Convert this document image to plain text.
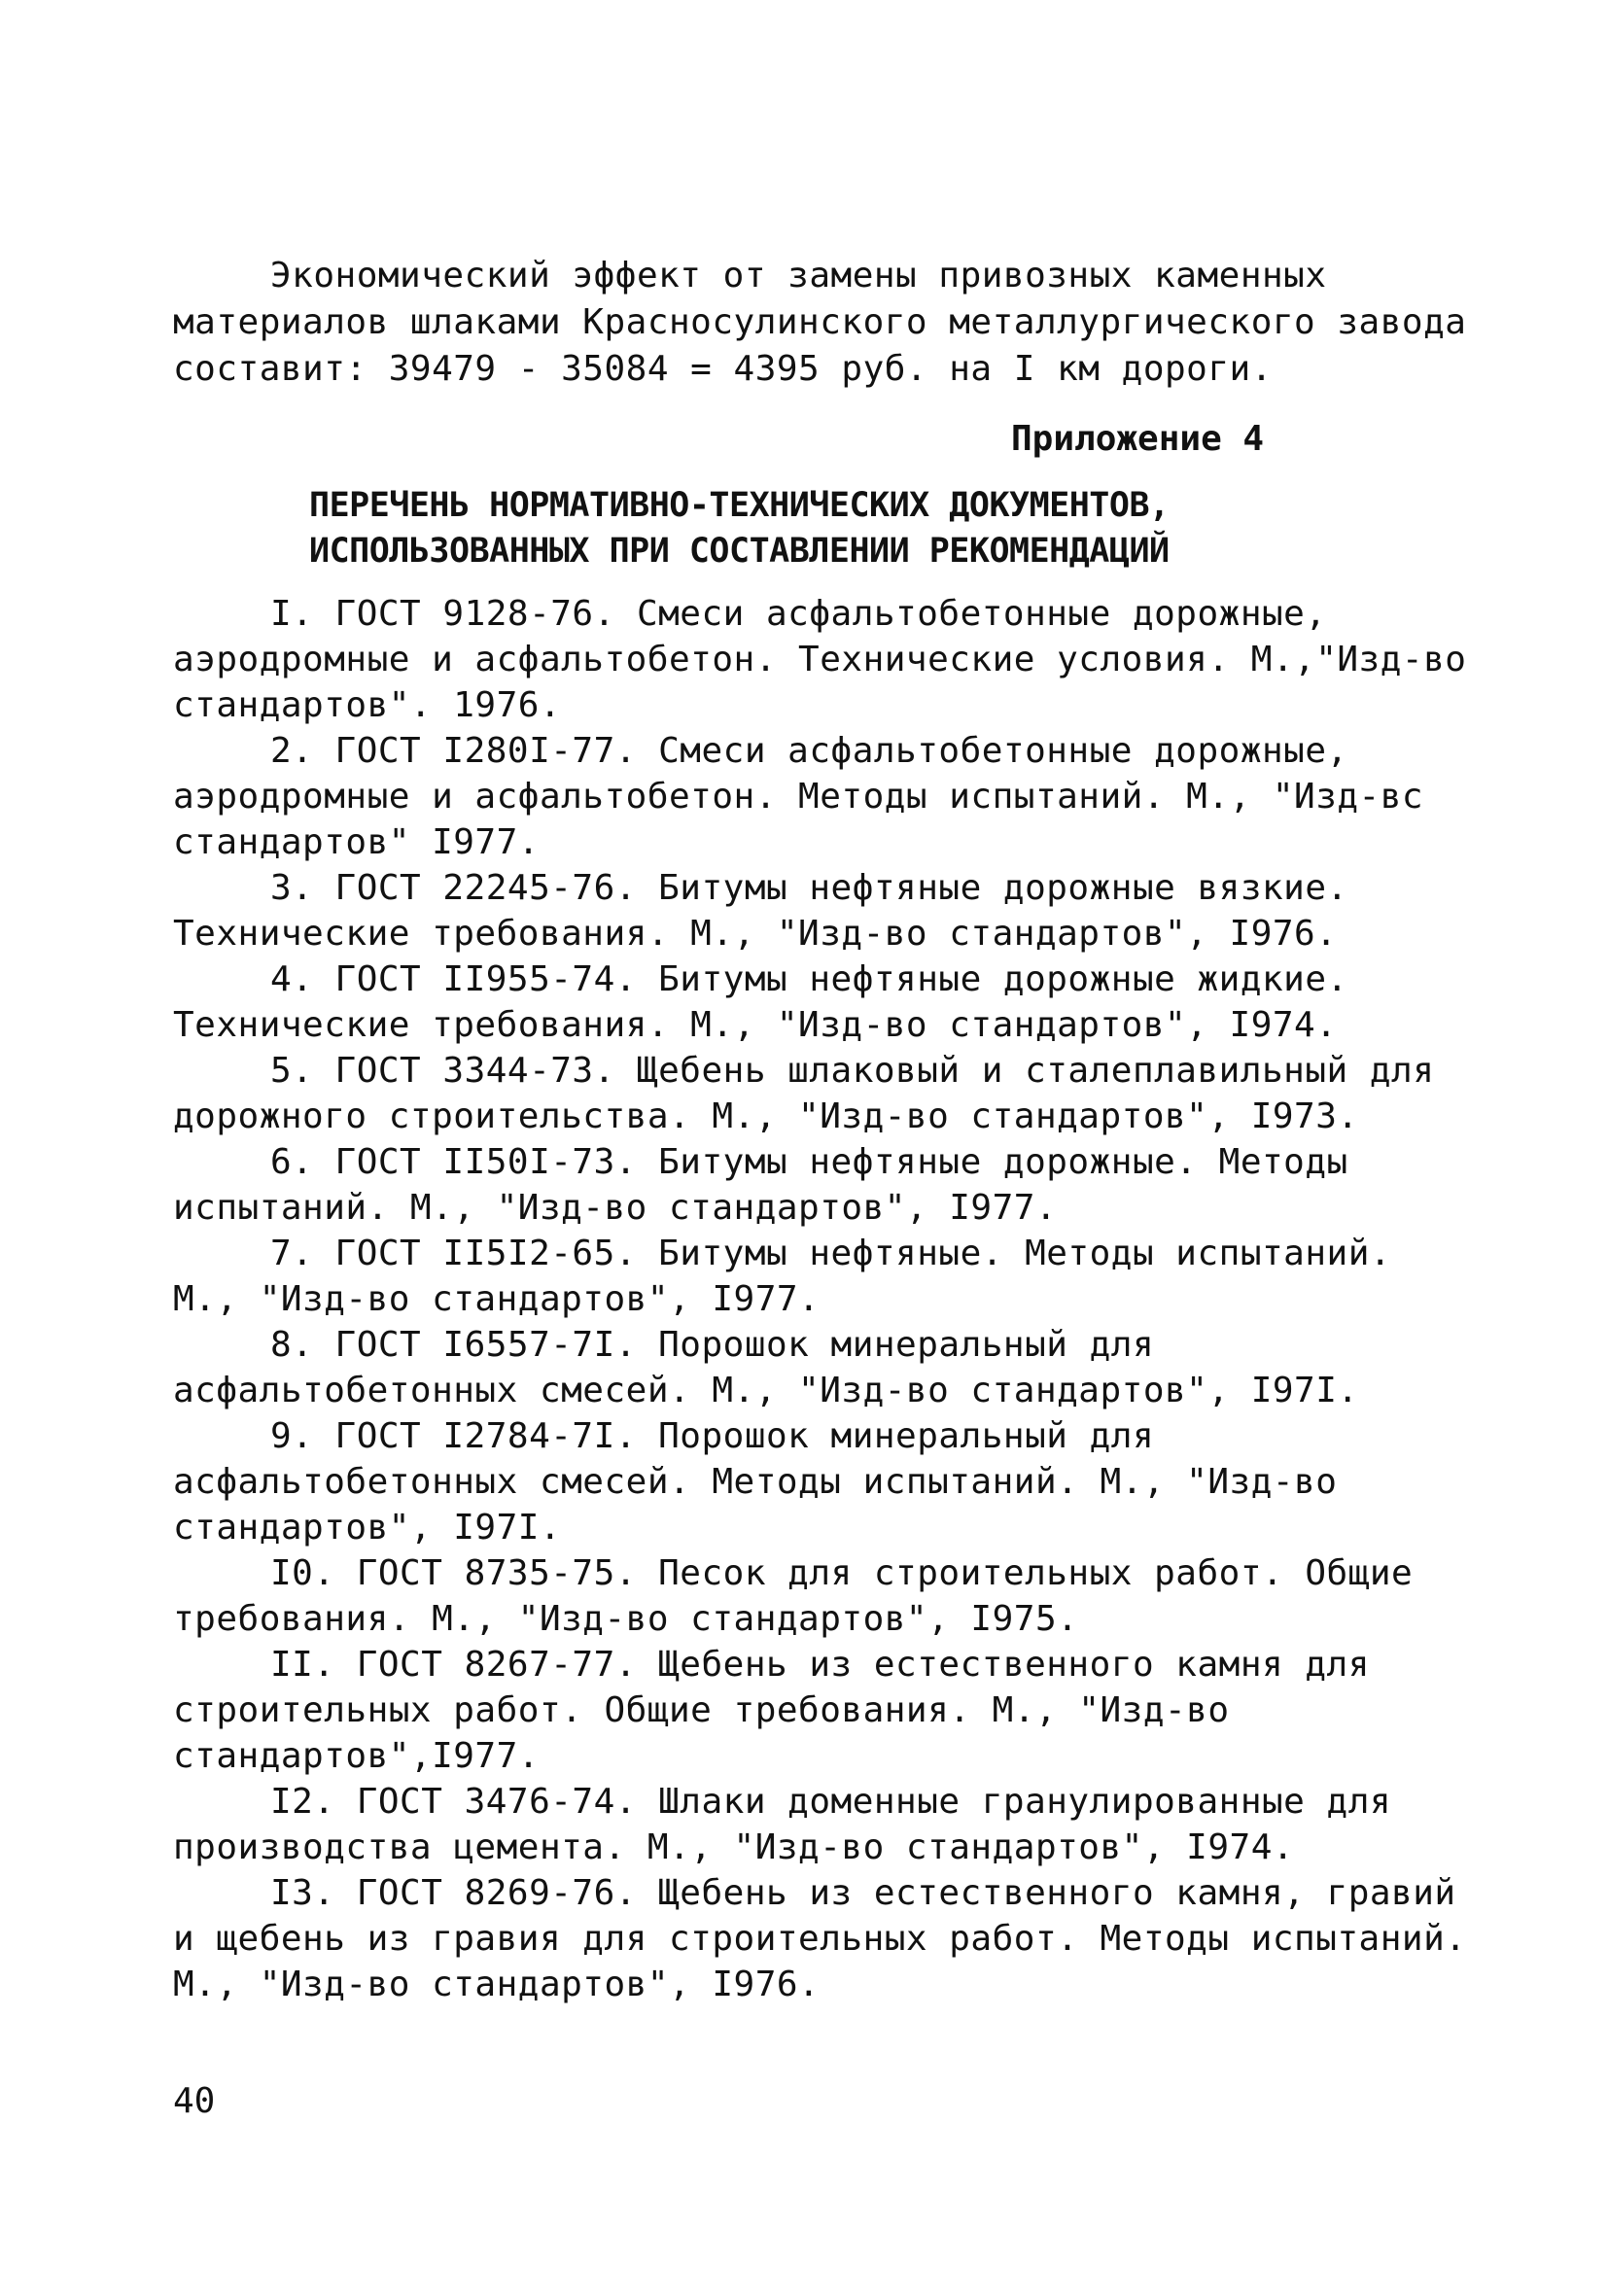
Экономический эффект от замены привозных каменных материалов шлаками Красносулинского металлургического завода составит: 39479 - 35084 = 4395 руб. на I км дороги.

Приложение 4
ПЕРЕЧЕНЬ НОРМАТИВНО-ТЕХНИЧЕСКИХ ДОКУМЕНТОВ,
ИСПОЛЬЗОВАННЫХ ПРИ СОСТАВЛЕНИИ РЕКОМЕНДАЦИЙ

I. ГОСТ 9128-76. Смеси асфальтобетонные дорожные, аэродромные и асфальтобетон. Технические условия. М.,"Изд-во стандартов". 1976.

2. ГОСТ I280I-77. Смеси асфальтобетонные дорожные, аэродромные и асфальтобетон. Методы испытаний. М., "Изд-вс стандартов" I977.

3. ГОСТ 22245-76. Битумы нефтяные дорожные вязкие. Технические требования. М., "Изд-во стандартов", I976.

4. ГОСТ II955-74. Битумы нефтяные дорожные жидкие. Технические требования. М., "Изд-во стандартов", I974.

5. ГОСТ 3344-73. Щебень шлаковый и сталеплавильный для дорожного строительства. М., "Изд-во стандартов", I973.

6. ГОСТ II50I-73. Битумы нефтяные дорожные. Методы испытаний. М., "Изд-во стандартов", I977.

7. ГОСТ II5I2-65. Битумы нефтяные. Методы испытаний. М., "Изд-во стандартов", I977.

8. ГОСТ I6557-7I. Порошок минеральный для асфальтобетонных смесей. М., "Изд-во стандартов", I97I.

9. ГОСТ I2784-7I. Порошок минеральный для асфальтобетонных смесей. Методы испытаний. М., "Изд-во стандартов", I97I.

I0. ГОСТ 8735-75. Песок для строительных работ. Общие требования. М., "Изд-во стандартов", I975.

II. ГОСТ 8267-77. Щебень из естественного камня для строительных работ. Общие требования. М., "Изд-во стандартов",I977.

I2. ГОСТ 3476-74. Шлаки доменные гранулированные для производства цемента. М., "Изд-во стандартов", I974.

I3. ГОСТ 8269-76. Щебень из естественного камня, гравий и щебень из гравия для строительных работ. Методы испытаний. М., "Изд-во стандартов", I976.

40
